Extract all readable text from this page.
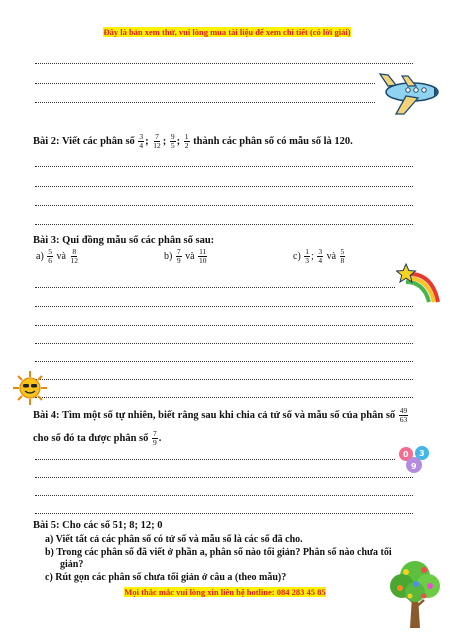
Đây là bản xem thử, vui lòng mua tài liệu để xem chi tiết (có lời giải)
Bài 2: Viết các phân số $\frac{3}{4}$ ; $\frac{7}{12}$ ; $\frac{9}{5}$ ; $\frac{1}{2}$ thành các phân số có mẫu số là 120.
Bài 3: Qui đồng mẫu số các phân số sau:
$a) \frac{5}{6}$ và $\frac{8}{12}$	$b) \frac{7}{9}$ và $\frac{11}{10}$	$c) \frac{1}{3}$ ; $\frac{3}{4}$ và $\frac{5}{8}$
Bài 4: Tìm một số tự nhiên, biết rằng sau khi chia cả tử số và mẫu số của phân số $\frac{49}{63}$
cho số đó ta được phân số $\frac{7}{9}$ .
0 3
9
Bài 5: Cho các số 51; 8; 12; 0
a) Viết tất cả các phân số có tử số và mẫu số là các số đã cho.
b) Trong các phân số đã viết ở phần a, phân số nào tối giản? Phân số nào chưa tối
giản?
c) Rút gọn các phân số chưa tối giản ở câu a (theo mẫu)?
Mọi thắc mắc vui lòng xin liên hệ hotline: 084 283 45 85
